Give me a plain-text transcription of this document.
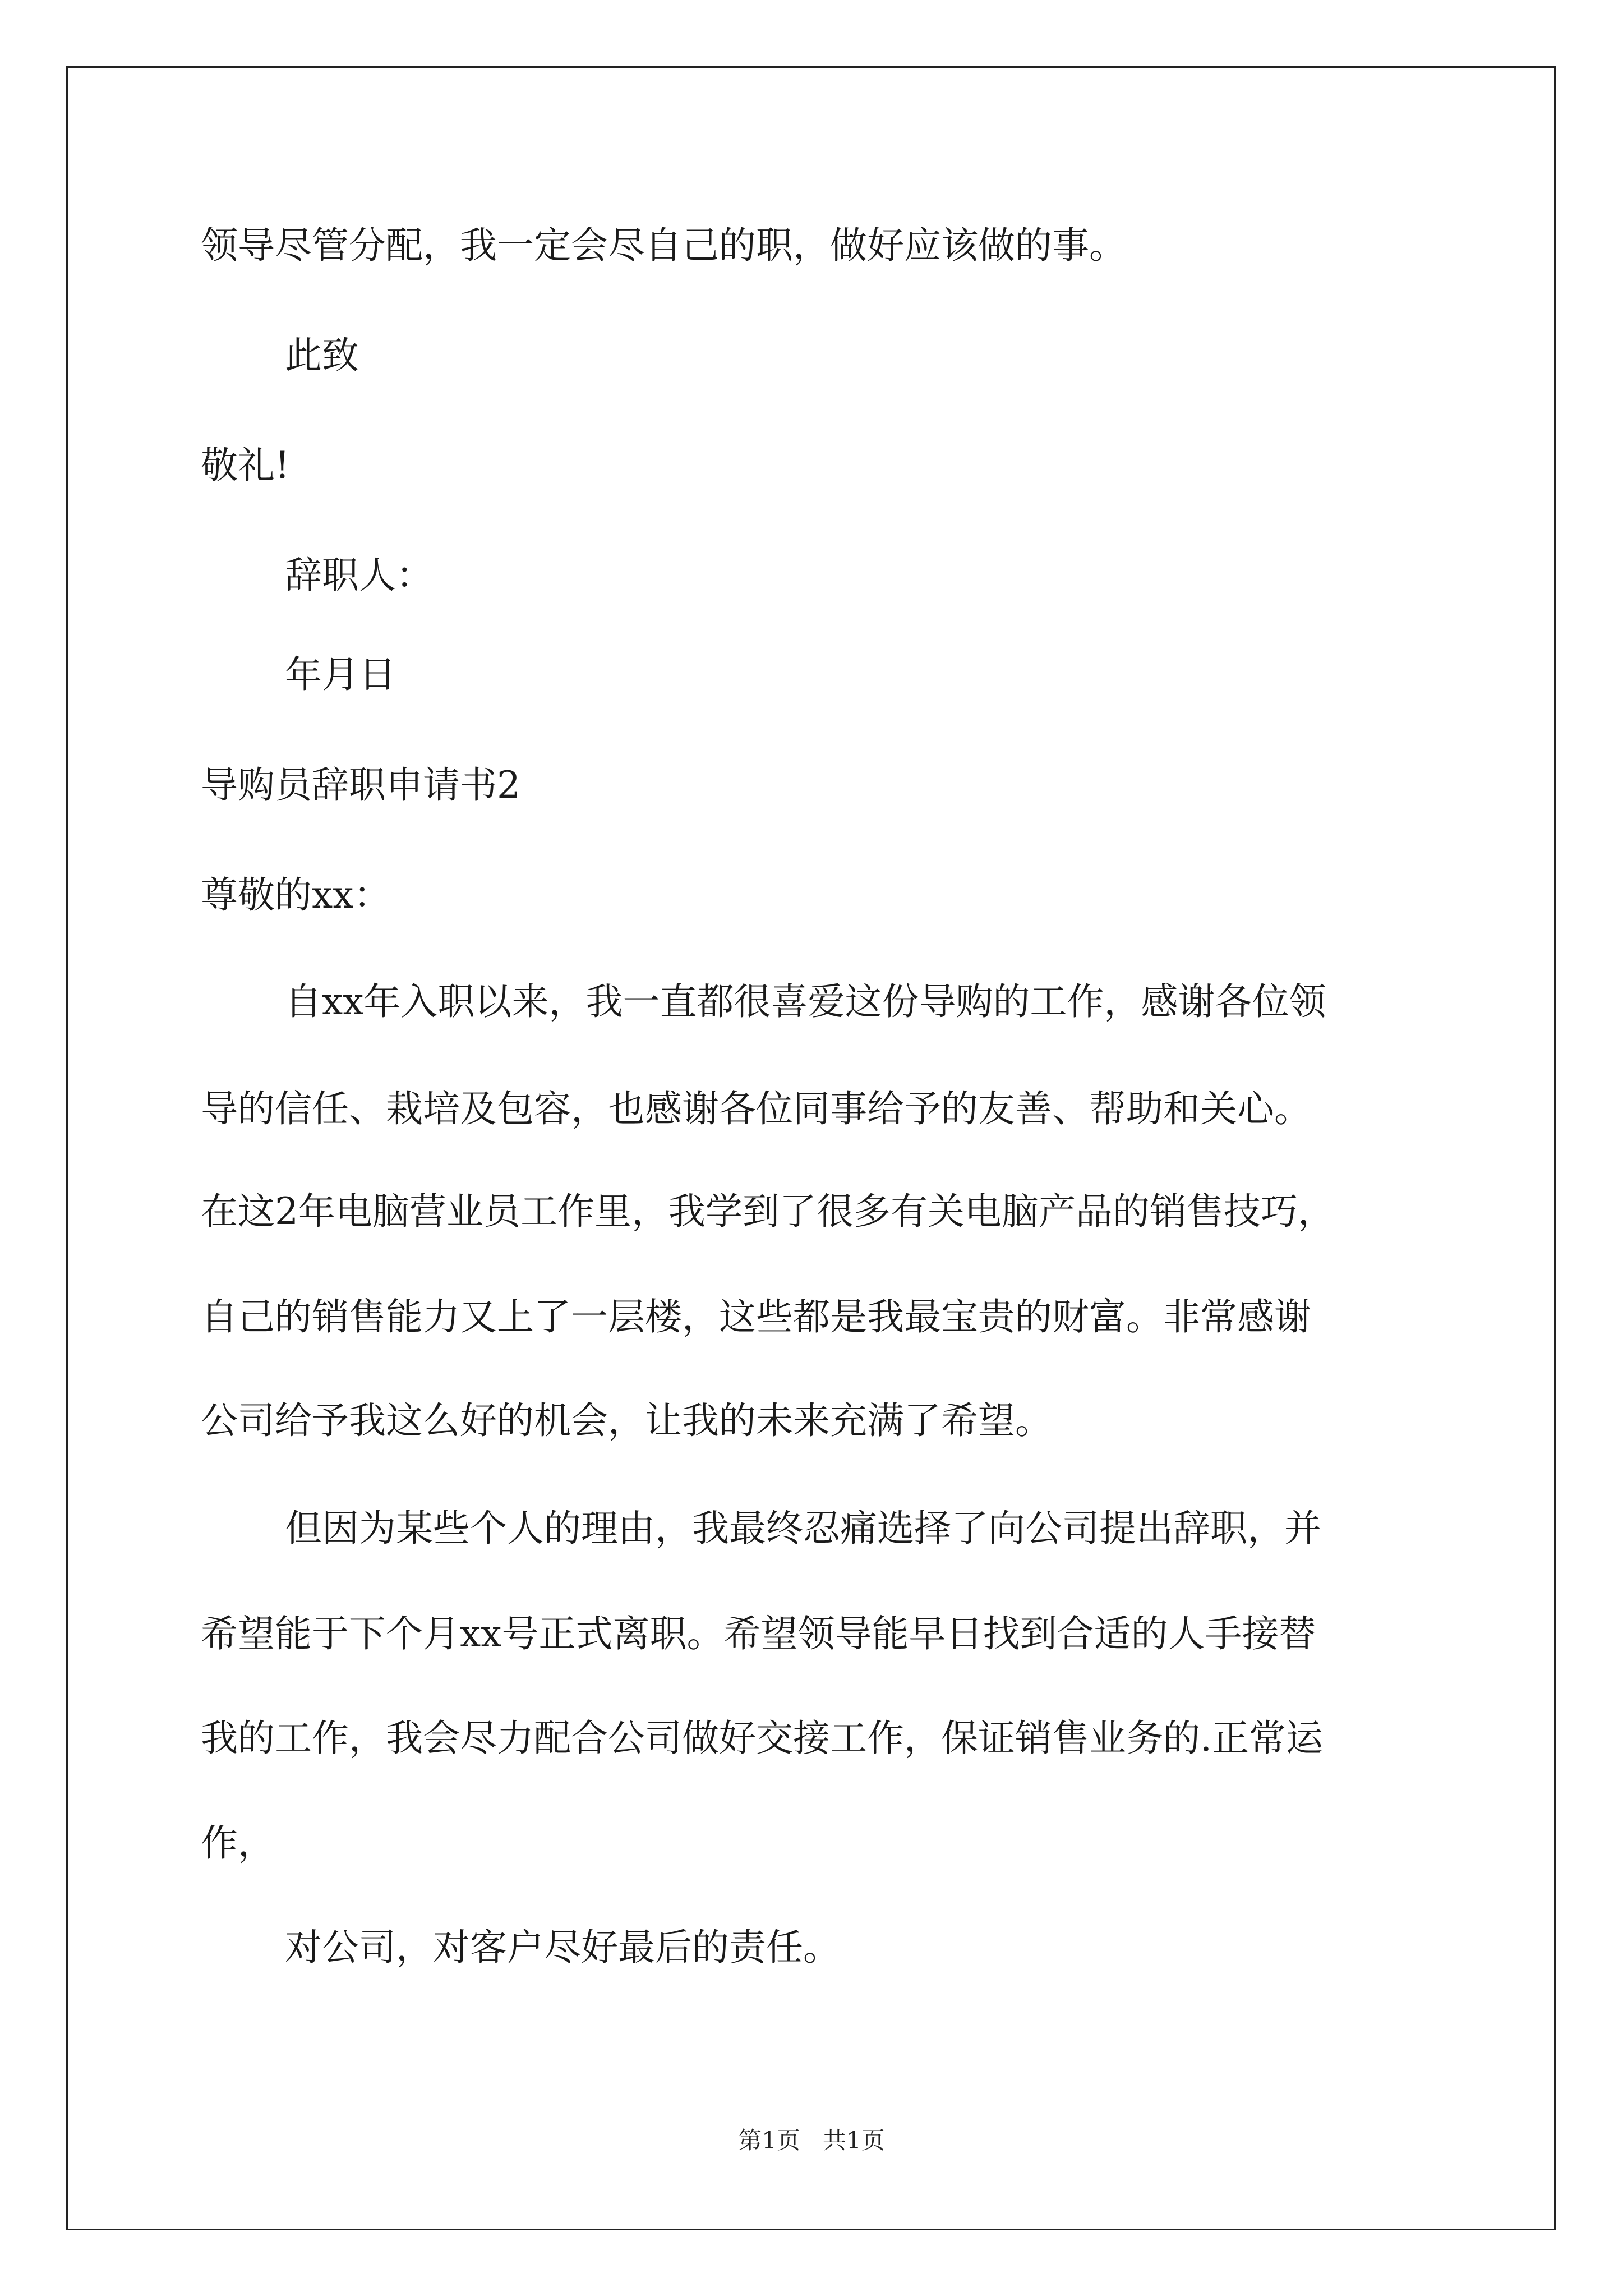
领导尽管分配，我一定会尽自己的职，做好应该做的事。
此致
敬礼!
辞职人：
年月日
导购员辞职申请书2
尊敬的xx：
自xx年入职以来，我一直都很喜爱这份导购的工作，感谢各位领
导的信任、栽培及包容，也感谢各位同事给予的友善、帮助和关心。
在这2年电脑营业员工作里，我学到了很多有关电脑产品的销售技巧，
自己的销售能力又上了一层楼，这些都是我最宝贵的财富。非常感谢
公司给予我这么好的机会，让我的未来充满了希望。
但因为某些个人的理由，我最终忍痛选择了向公司提出辞职，并
希望能于下个月xx号正式离职。希望领导能早日找到合适的人手接替
我的工作，我会尽力配合公司做好交接工作，保证销售业务的.正常运
作，
对公司，对客户尽好最后的责任。
第1页 共1页
